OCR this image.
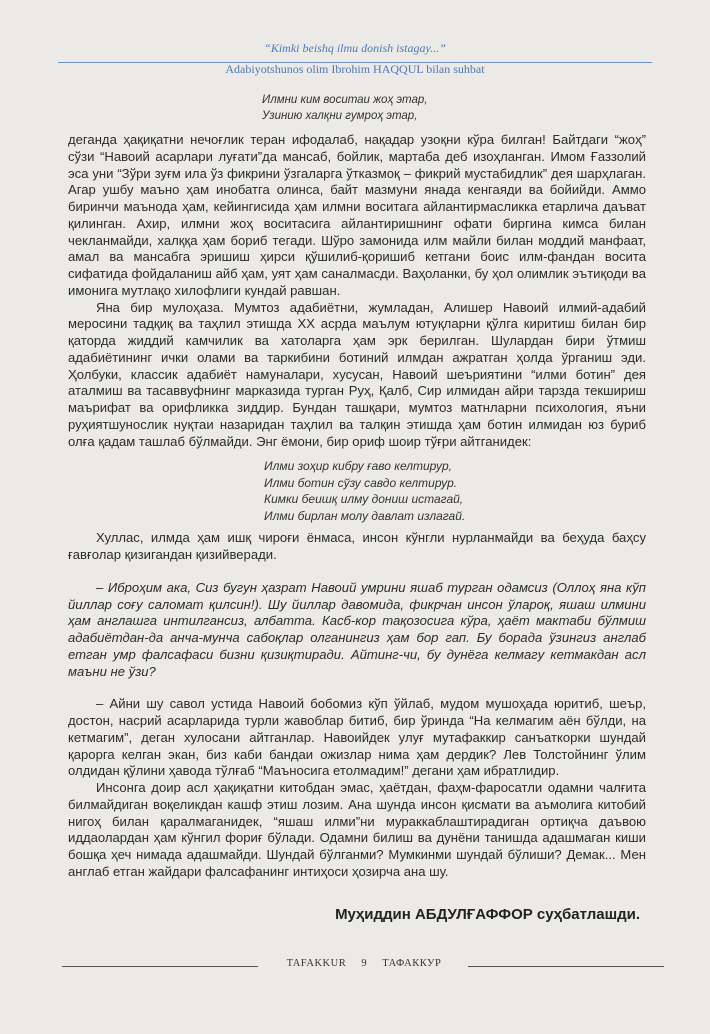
“Kimki beishq ilmu donish istagay...”
Adabiyotshunos olim Ibrohim HAQQUL bilan suhbat
Илмни ким воситаи жоҳ этар,
Узинию халқни гумроҳ этар,

деганда ҳақиқатни нечоғлик теран ифодалаб, нақадар узоқни кўра билган! Байтдаги “жоҳ” сўзи “Навоий асарлари луғати”да мансаб, бойлик, мартаба деб изоҳланган. Имом Ғаззолий эса уни “Зўри зуғм ила ўз фикрини ўзгаларга ўтказмоқ – фикрий мустабидлик” дея шарҳлаган. Агар ушбу маъно ҳам инобатга олинса, байт мазмуни янада кенгаяди ва бойийди. Аммо биринчи маънода ҳам, кейингисида ҳам илмни воситага айлантирмасликка етарлича даъват қилинган. Ахир, илмни жоҳ воситасига айлантиришнинг офати биргина кимса билан чекланмайди, халққа ҳам бориб тегади. Шўро замонида илм майли билан моддий манфаат, амал ва мансабга эришиш ҳирси қўшилиб-қоришиб кетгани боис илм-фандан восита сифатида фойдаланиш айб ҳам, уят ҳам саналмасди. Ваҳоланки, бу ҳол олимлик эътиқоди ва имонига мутлақо хилофлиги кундай равшан.

Яна бир мулоҳаза. Мумтоз адабиётни, жумладан, Алишер Навоий илмий-адабий меросини тадқиқ ва таҳлил этишда ХХ асрда маълум ютуқларни қўлга киритиш билан бир қаторда жиддий камчилик ва хатоларга ҳам эрк берилган. Шулардан бири ўтмиш адабиётининг ички олами ва таркибини ботиний илмдан ажратган ҳолда ўрганиш эди. Ҳолбуки, классик адабиёт намуналари, хусусан, Навоий шеъриятини “илми ботин” дея аталмиш ва тасаввуфнинг марказида турган Руҳ, Қалб, Сир илмидан айри тарзда текшириш маърифат ва орифликка зиддир. Бундан ташқари, мумтоз матнларни психология, яъни руҳиятшунослик нуқтаи назаридан таҳлил ва талқин этишда ҳам ботин илмидан юз буриб олға қадам ташлаб бўлмайди. Энг ёмони, бир ориф шоир тўғри айтганидек:

Илми зоҳир кибру ғаво келтирур,
Илми ботин сўзу савдо келтирур.
Кимки беишқ илму дониш истагай,
Илми бирлан молу давлат излагай.

Хуллас, илмда ҳам ишқ чироғи ёнмаса, инсон кўнгли нурланмайди ва беҳуда баҳсу ғавғолар қизигандан қизийверади.

– Иброҳим ака, Сиз бугун ҳазрат Навоий умрини яшаб турган одамсиз (Оллоҳ яна кўп йиллар соғу саломат қилсин!). Шу йиллар давомида, фикрчан инсон ўлароқ, яшаш илмини ҳам англашга интилгансиз, албатта. Касб-кор тақозосига кўра, ҳаёт мактаби бўлмиш адабиётдан-да анча-мунча сабоқлар олганингиз ҳам бор гап. Бу борада ўзингиз англаб етган умр фалсафаси бизни қизиқтиради. Айтинг-чи, бу дунёга келмагу кетмакдан асл маъни не ўзи?

– Айни шу савол устида Навоий бобомиз кўп ўйлаб, мудом мушоҳада юритиб, шеър, достон, насрий асарларида турли жавоблар битиб, бир ўринда “На келмагим аён бўлди, на кетмагим”, деган хулосани айтганлар. Навоийдек улуғ мутафаккир санъаткорки шундай қарорга келган экан, биз каби бандаи ожизлар нима ҳам дердик? Лев Толстойнинг ўлим олдидан қўлини ҳавода тўлғаб “Маъносига етолмадим!” дегани ҳам ибратлидир.

Инсонга доир асл ҳақиқатни китобдан эмас, ҳаётдан, фаҳм-фаросатли одамни чалғита билмайдиган воқеликдан кашф этиш лозим. Ана шунда инсон қисмати ва аъмолига китобий нигоҳ билан қаралмаганидек, “яшаш илми”ни мураккаблаштирадиган ортиқча даъвою иддаолардан ҳам кўнгил фориғ бўлади. Одамни билиш ва дунёни танишда адашмаган киши бошқа ҳеч нимада адашмайди. Шундай бўлганми? Мумкинми шундай бўлиши? Демак... Мен англаб етган жайдари фалсафанинг интиҳоси ҳозирча ана шу.

Муҳиддин АБДУЛҒАФФОР суҳбатлашди.
TAFAKKUR 9 ТАФАККУР
